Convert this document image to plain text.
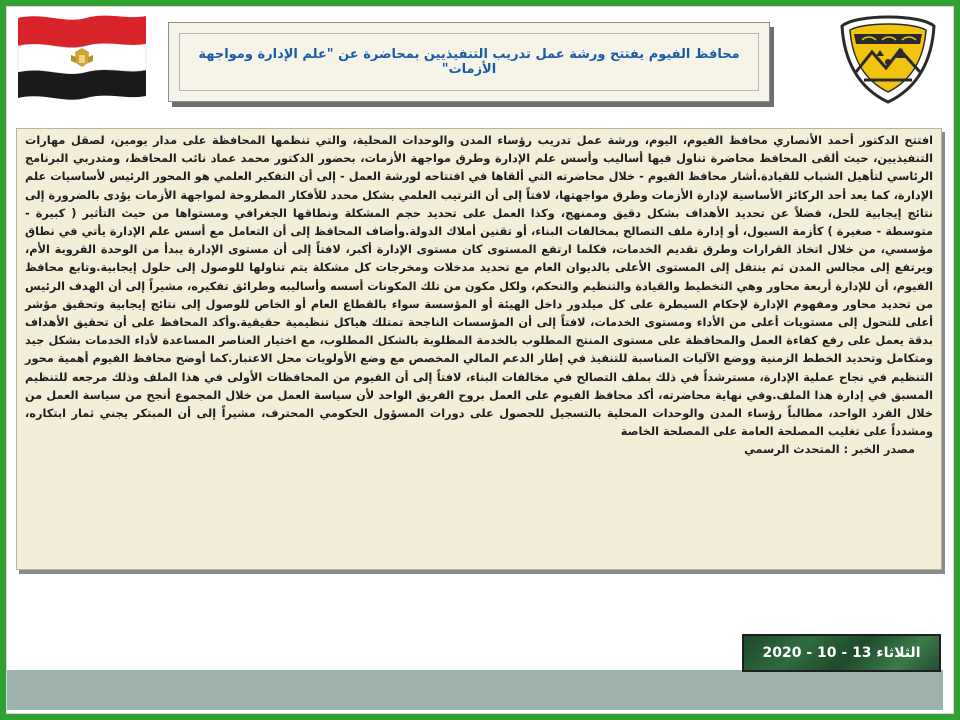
محافظ الفيوم يفتتح ورشة عمل تدريب التنفيذيين بمحاضرة عن "علم الإدارة ومواجهة الأزمات"

افتتح الدكتور أحمد الأنصاري محافظ الفيوم، اليوم، ورشة عمل تدريب رؤساء المدن والوحدات المحلية، والتي تنظمها المحافظة على مدار يومين، لصقل مهارات التنفيذيين، حيث ألقى المحافظ محاضرة تناول فيها أساليب وأسس علم الإدارة وطرق مواجهة الأزمات، بحضور الدكتور محمد عماد نائب المحافظ، ومتدربي البرنامج الرئاسي لتأهيل الشباب للقيادة.أشار محافظ الفيوم - خلال محاضرته التي ألقاها في افتتاحه لورشة العمل - إلى أن التفكير العلمي هو المحور الرئيس لأساسيات علم الإدارة، كما يعد أحد الركائز الأساسية لإدارة الأزمات وطرق مواجهتها، لافتاً إلى أن الترتيب العلمي بشكل محدد للأفكار المطروحة لمواجهة الأزمات يؤدى بالضرورة إلى نتائج إيجابية للحل، فضلاً عن تحديد الأهداف بشكل دقيق وممنهج، وكذا العمل على تحديد حجم المشكلة ونطاقها الجغرافي ومستواها من حيث التأثير ( كبيرة - متوسطة - صغيرة ) كأزمة السيول، أو إدارة ملف التصالح بمخالفات البناء، أو تقنين أملاك الدولة.وأضاف المحافظ إلى أن التعامل مع أسس علم الإدارة يأتي في نطاق مؤسسي، من خلال اتخاذ القرارات وطرق تقديم الخدمات، فكلما ارتفع المستوى كان مستوى الإدارة أكبر، لافتاً إلى أن مستوى الإدارة يبدأ من الوحدة القروية الأم، ويرتفع إلى مجالس المدن ثم ينتقل إلى المستوى الأعلى بالديوان العام مع تحديد مدخلات ومخرجات كل مشكلة يتم تناولها للوصول إلى حلول إيجابية.وتابع محافظ الفيوم، أن للإدارة أربعة محاور وهي التخطيط والقيادة والتنظيم والتحكم، ولكل مكون من تلك المكونات أسسه وأساليبه وطرائق تفكيره، مشيراً إلى أن الهدف الرئيس من تحديد محاور ومفهوم الإدارة لإحكام السيطرة على كل ميلدور داخل الهيئة أو المؤسسة سواء بالقطاع العام أو الخاص للوصول إلى نتائج إيجابية وتحقيق مؤشر أعلى للتحول إلى مستويات أعلى من الأداء ومستوى الخدمات، لافتاً إلى أن المؤسسات الناجحة تمتلك هياكل تنظيمية حقيقية.وأكد المحافظ على أن تحقيق الأهداف بدقة يعمل على رفع كفاءة العمل والمحافظة على مستوى المنتج المطلوب بالخدمة المطلوبة بالشكل المطلوب، مع اختيار العناصر المساعدة لأداء الخدمات بشكل جيد ومتكامل وتحديد الخطط الزمنية ووضع الآليات المناسبة للتنفيذ في إطار الدعم المالي المخصص مع وضع الأولويات محل الاعتبار.كما أوضح محافظ الفيوم أهمية محور التنظيم في نجاح عملية الإدارة، مسترشداً في ذلك بملف التصالح في مخالفات البناء، لافتاً إلى أن الفيوم من المحافظات الأولى في هذا الملف وذلك مرجعه للتنظيم المسبق في إدارة هذا الملف.وفي نهاية محاضرته، أكد محافظ الفيوم على العمل بروح الفريق الواحد لأن سياسة العمل من خلال المجموع أنجح من سياسة العمل من خلال الفرد الواحد، مطالباً رؤساء المدن والوحدات المحلية بالتسجيل للحصول على دورات المسؤول الحكومي المحترف، مشيراً إلى أن المبتكر يجني ثمار ابتكاره، ومشدداً على تغليب المصلحة العامة على المصلحة الخاصة

مصدر الخبر : المتحدث الرسمي

الثلاثاء 13 - 10 - 2020
